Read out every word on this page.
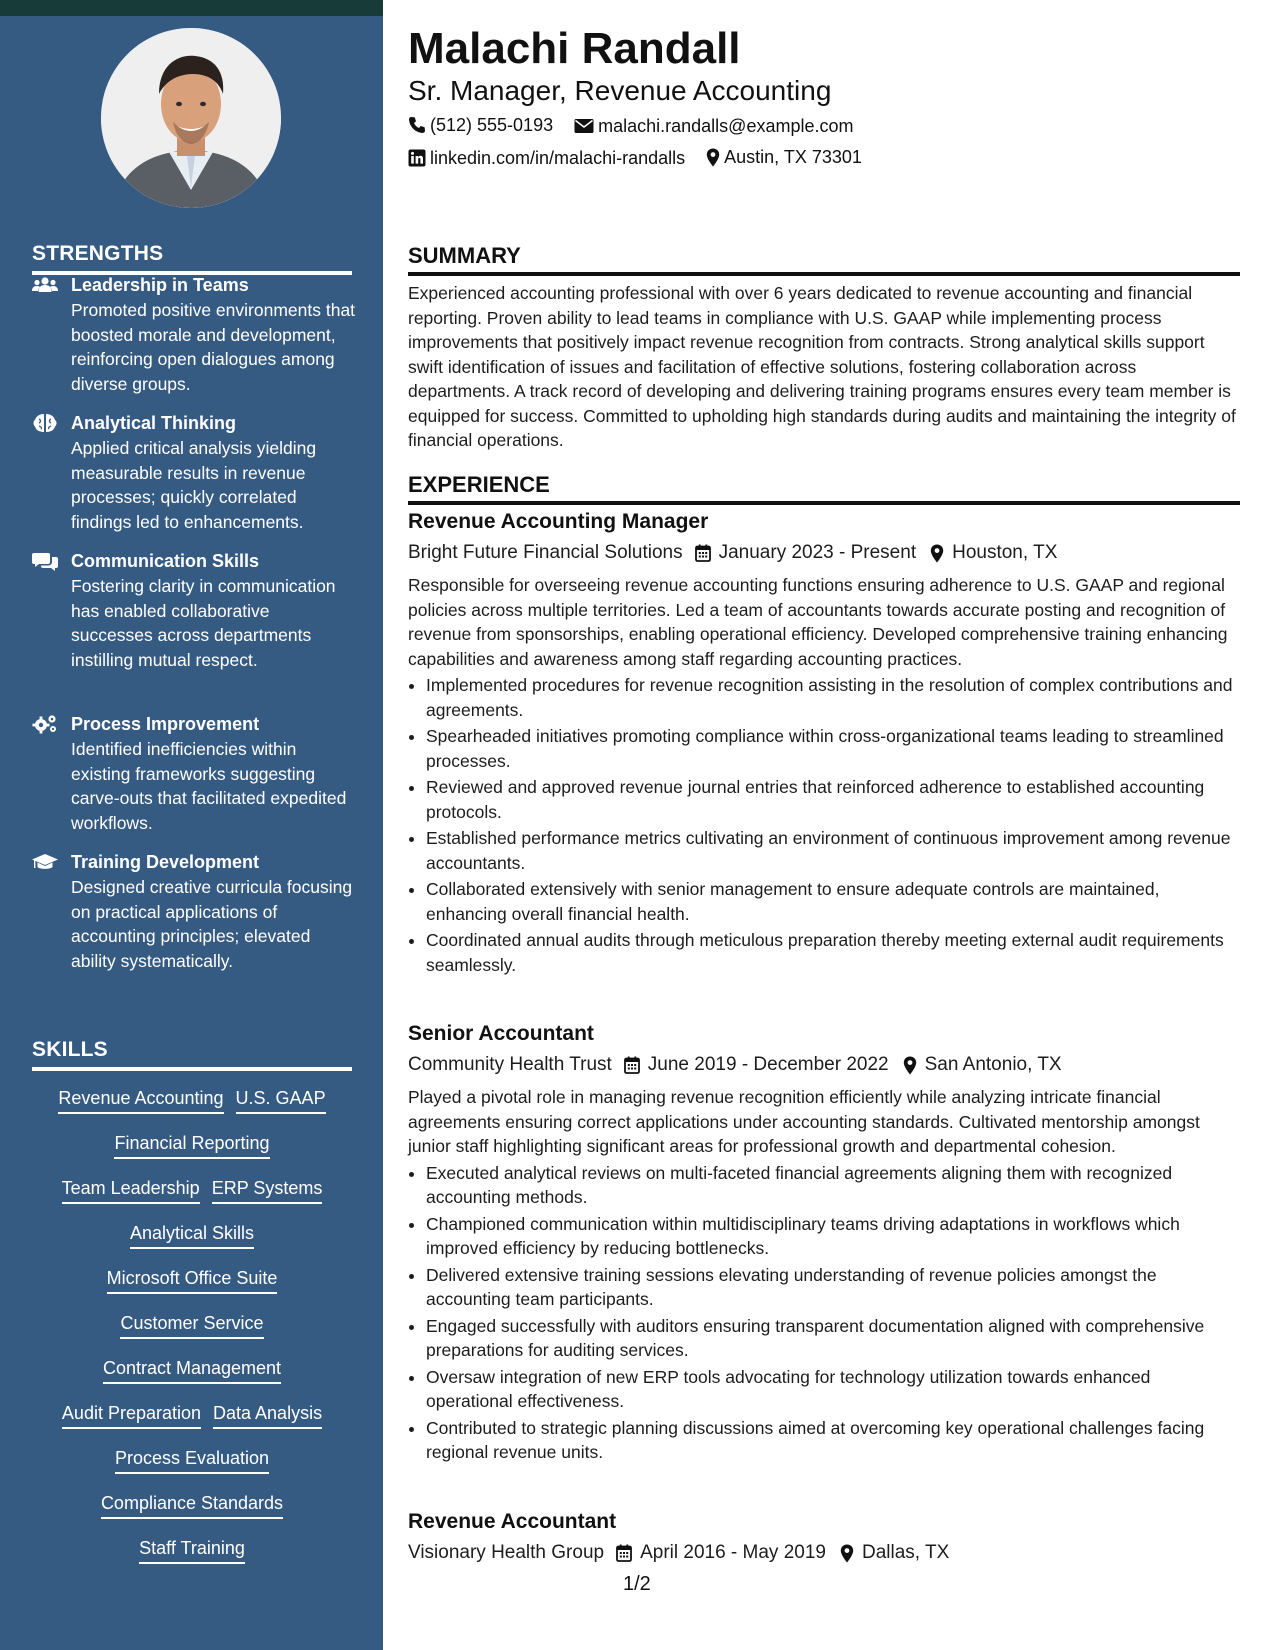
STRENGTHS
Leadership in Teams
Promoted positive environments that boosted morale and development, reinforcing open dialogues among diverse groups.
Analytical Thinking
Applied critical analysis yielding measurable results in revenue processes; quickly correlated findings led to enhancements.
Communication Skills
Fostering clarity in communication has enabled collaborative successes across departments instilling mutual respect.
Process Improvement
Identified inefficiencies within existing frameworks suggesting carve-outs that facilitated expedited workflows.
Training Development
Designed creative curricula focusing on practical applications of accounting principles; elevated ability systematically.
SKILLS
Revenue Accounting U.S. GAAP
Financial Reporting
Team Leadership ERP Systems
Analytical Skills
Microsoft Office Suite
Customer Service
Contract Management
Audit Preparation Data Analysis
Process Evaluation
Compliance Standards
Staff Training
Malachi Randall
Sr. Manager, Revenue Accounting
(512) 555-0193
	malachi.randalls@example.com
linkedin.com/in/malachi-randalls
Austin, TX 73301
SUMMARY
Experienced accounting professional with over 6 years dedicated to revenue accounting and financial reporting. Proven ability to lead teams in compliance with U.S. GAAP while implementing process improvements that positively impact revenue recognition from contracts. Strong analytical skills support swift identification of issues and facilitation of effective solutions, fostering collaboration across departments. A track record of developing and delivering training programs ensures every team member is equipped for success. Committed to upholding high standards during audits and maintaining the integrity of financial operations.
EXPERIENCE
Revenue Accounting Manager
Bright Future Financial Solutions January 2023 - Present Houston, TX
Responsible for overseeing revenue accounting functions ensuring adherence to U.S. GAAP and regional policies across multiple territories. Led a team of accountants towards accurate posting and recognition of revenue from sponsorships, enabling operational efficiency. Developed comprehensive training enhancing capabilities and awareness among staff regarding accounting practices.
• Implemented procedures for revenue recognition assisting in the resolution of complex contributions and agreements.
• Spearheaded initiatives promoting compliance within cross-organizational teams leading to streamlined processes.
• Reviewed and approved revenue journal entries that reinforced adherence to established accounting protocols.
• Established performance metrics cultivating an environment of continuous improvement among revenue accountants.
• Collaborated extensively with senior management to ensure adequate controls are maintained, enhancing overall financial health.
• Coordinated annual audits through meticulous preparation thereby meeting external audit requirements seamlessly.
Senior Accountant
Community Health Trust June 2019 - December 2022 San Antonio, TX
Played a pivotal role in managing revenue recognition efficiently while analyzing intricate financial agreements ensuring correct applications under accounting standards. Cultivated mentorship amongst junior staff highlighting significant areas for professional growth and departmental cohesion.
• Executed analytical reviews on multi-faceted financial agreements aligning them with recognized accounting methods.
• Championed communication within multidisciplinary teams driving adaptations in workflows which improved efficiency by reducing bottlenecks.
• Delivered extensive training sessions elevating understanding of revenue policies amongst the accounting team participants.
• Engaged successfully with auditors ensuring transparent documentation aligned with comprehensive preparations for auditing services.
• Oversaw integration of new ERP tools advocating for technology utilization towards enhanced operational effectiveness.
• Contributed to strategic planning discussions aimed at overcoming key operational challenges facing regional revenue units.
Revenue Accountant
Visionary Health Group April 2016 - May 2019 Dallas, TX
1/2
